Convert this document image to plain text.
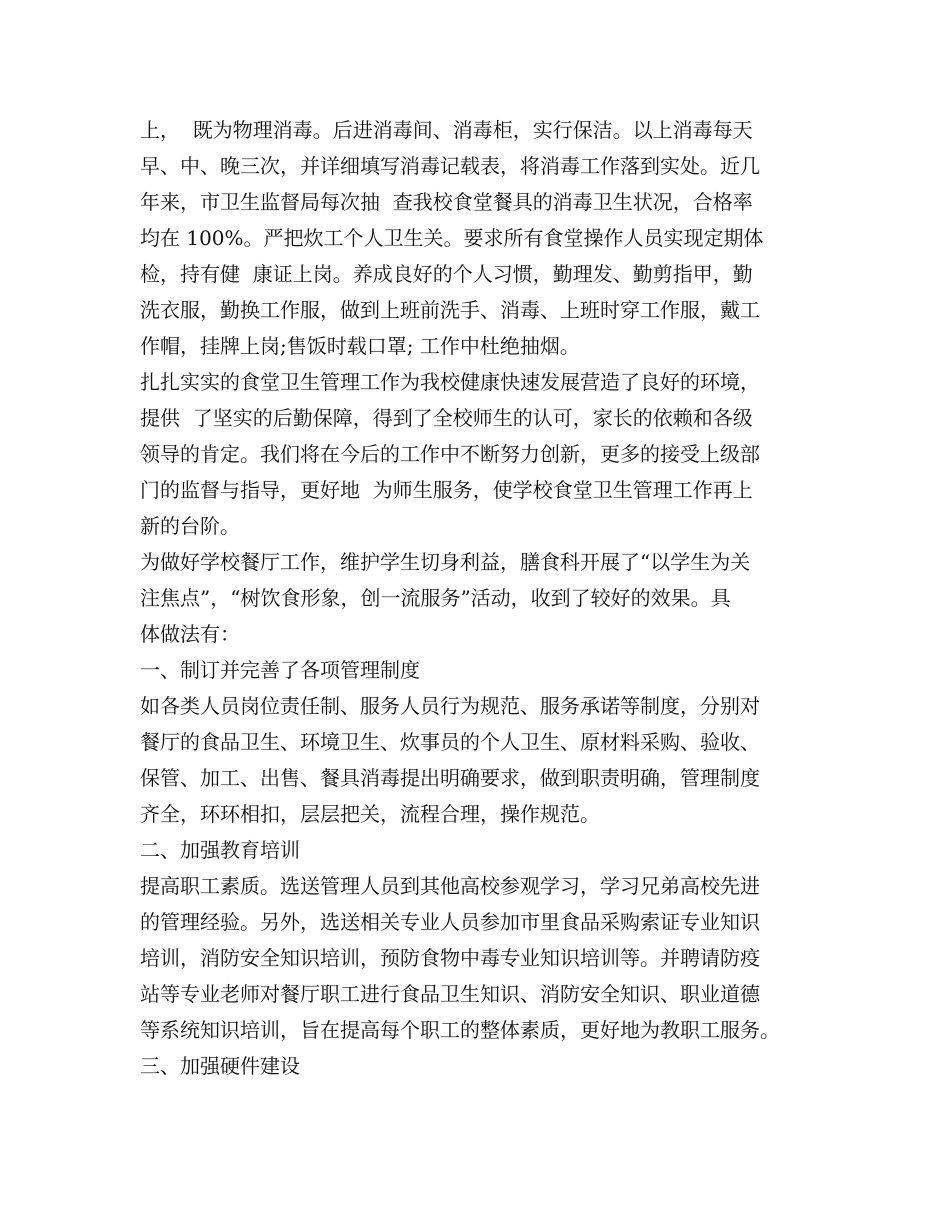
上，  既为物理消毒。后进消毒间、消毒柜，实行保洁。以上消毒每天
早、中、晚三次，并详细填写消毒记载表，将消毒工作落到实处。近几
年来，市卫生监督局每次抽  查我校食堂餐具的消毒卫生状况，合格率
均在 100%。严把炊工个人卫生关。要求所有食堂操作人员实现定期体
检，持有健  康证上岗。养成良好的个人习惯，勤理发、勤剪指甲，勤
洗衣服，勤换工作服，做到上班前洗手、消毒、上班时穿工作服，戴工
作帽，挂牌上岗;售饭时载口罩; 工作中杜绝抽烟。
扎扎实实的食堂卫生管理工作为我校健康快速发展营造了良好的环境，
提供  了坚实的后勤保障，得到了全校师生的认可，家长的依赖和各级
领导的肯定。我们将在今后的工作中不断努力创新，更多的接受上级部
门的监督与指导，更好地  为师生服务，使学校食堂卫生管理工作再上
新的台阶。
为做好学校餐厅工作，维护学生切身利益，膳食科开展了“以学生为关
注焦点”，“树饮食形象，创一流服务”活动，收到了较好的效果。具
体做法有：
一、制订并完善了各项管理制度
如各类人员岗位责任制、服务人员行为规范、服务承诺等制度，分别对
餐厅的食品卫生、环境卫生、炊事员的个人卫生、原材料采购、验收、
保管、加工、出售、餐具消毒提出明确要求，做到职责明确，管理制度
齐全，环环相扣，层层把关，流程合理，操作规范。
二、加强教育培训
提高职工素质。选送管理人员到其他高校参观学习，学习兄弟高校先进
的管理经验。另外，选送相关专业人员参加市里食品采购索证专业知识
培训，消防安全知识培训，预防食物中毒专业知识培训等。并聘请防疫
站等专业老师对餐厅职工进行食品卫生知识、消防安全知识、职业道德
等系统知识培训，旨在提高每个职工的整体素质，更好地为教职工服务。
三、加强硬件建设
